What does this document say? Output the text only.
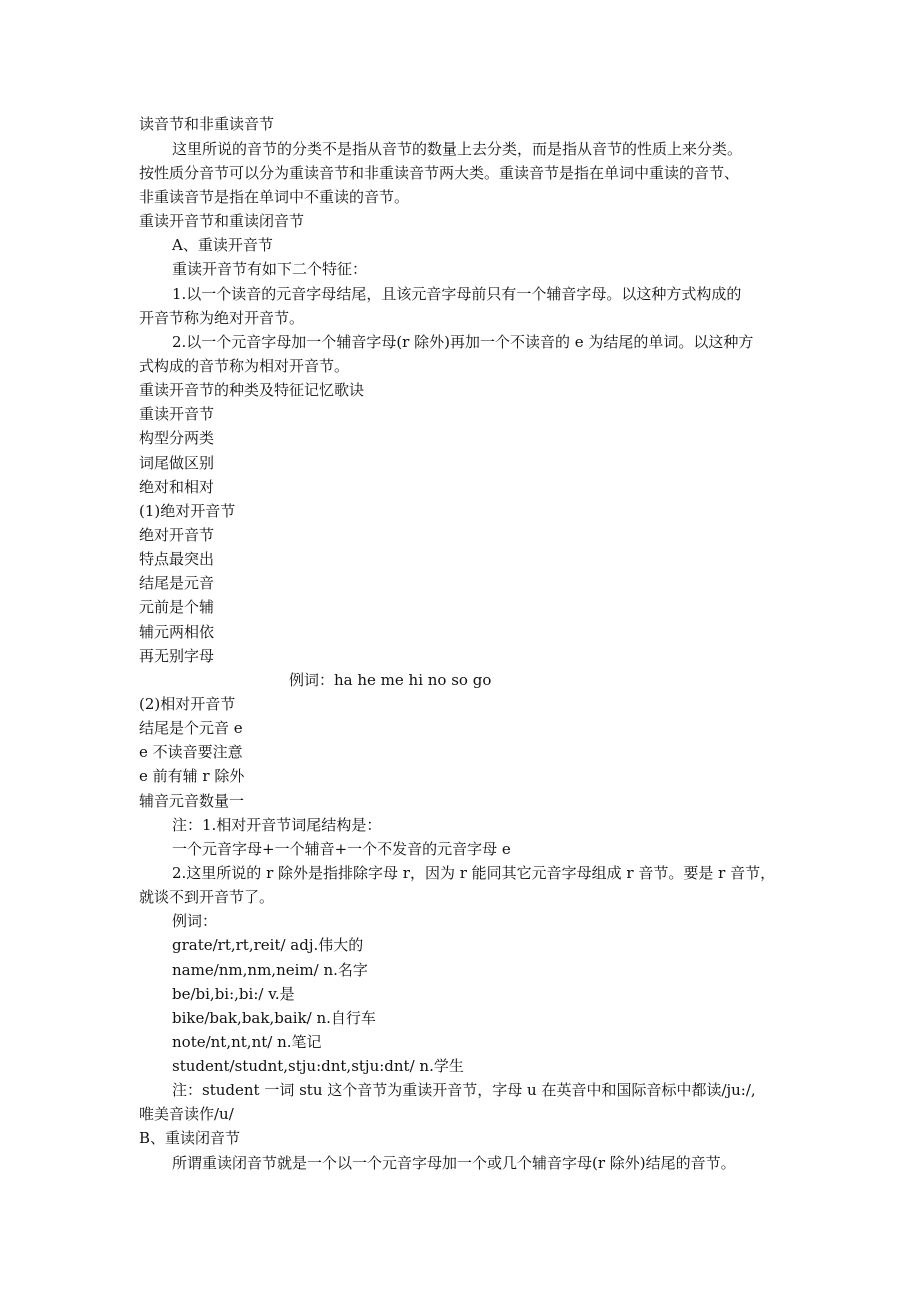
读音节和非重读音节
这里所说的音节的分类不是指从音节的数量上去分类，而是指从音节的性质上来分类。
按性质分音节可以分为重读音节和非重读音节两大类。重读音节是指在单词中重读的音节、
非重读音节是指在单词中不重读的音节。
重读开音节和重读闭音节
A、重读开音节
重读开音节有如下二个特征：
1.以一个读音的元音字母结尾，且该元音字母前只有一个辅音字母。以这种方式构成的
开音节称为绝对开音节。
2.以一个元音字母加一个辅音字母(r 除外)再加一个不读音的 e 为结尾的单词。以这种方
式构成的音节称为相对开音节。
重读开音节的种类及特征记忆歌诀
重读开音节
构型分两类
词尾做区别
绝对和相对
(1)绝对开音节
绝对开音节
特点最突出
结尾是元音
元前是个辅
辅元两相依
再无别字母
例词：ha he me hi no so go
(2)相对开音节
结尾是个元音 e
e 不读音要注意
e 前有辅 r 除外
辅音元音数量一
注：1.相对开音节词尾结构是：
一个元音字母+一个辅音+一个不发音的元音字母 e
2.这里所说的 r 除外是指排除字母 r，因为 r 能同其它元音字母组成 r 音节。要是 r 音节，
就谈不到开音节了。
例词：
grate/rt,rt,reit/ adj.伟大的
name/nm,nm,neim/ n.名字
be/bi,bi:,bi:/ v.是
bike/bak,bak,baik/ n.自行车
note/nt,nt,nt/ n.笔记
student/studnt,stju:dnt,stju:dnt/ n.学生
注：student 一词 stu 这个音节为重读开音节，字母 u 在英音中和国际音标中都读/ju:/,
唯美音读作/u/
B、重读闭音节
所谓重读闭音节就是一个以一个元音字母加一个或几个辅音字母(r 除外)结尾的音节。
